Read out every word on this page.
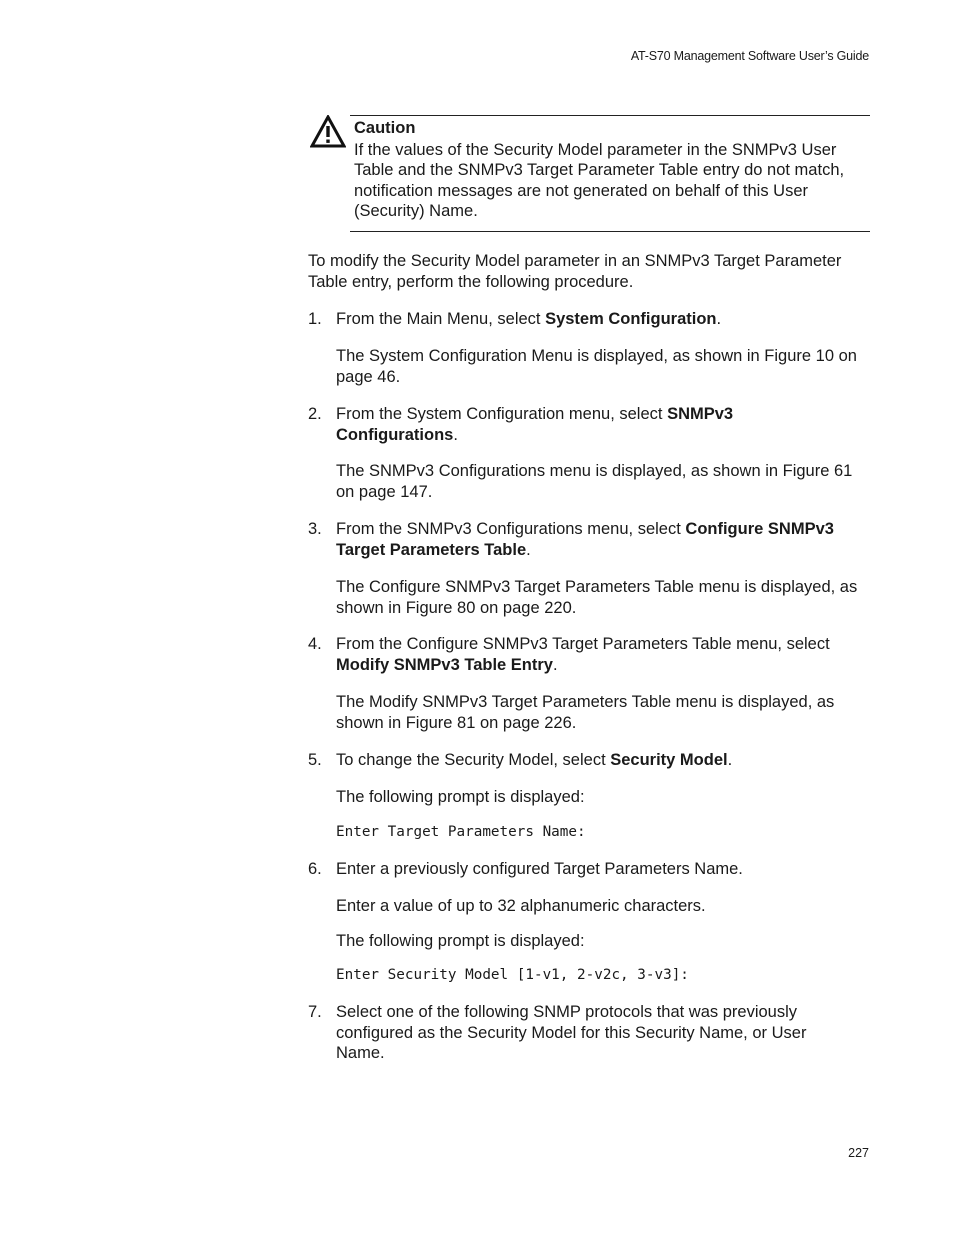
AT-S70 Management Software User’s Guide
Caution
If the values of the Security Model parameter in the SNMPv3 User Table and the SNMPv3 Target Parameter Table entry do not match, notification messages are not generated on behalf of this User (Security) Name.
To modify the Security Model parameter in an SNMPv3 Target Parameter Table entry, perform the following procedure.
1. From the Main Menu, select System Configuration.
The System Configuration Menu is displayed, as shown in Figure 10 on page 46.
2. From the System Configuration menu, select SNMPv3 Configurations.
The SNMPv3 Configurations menu is displayed, as shown in Figure 61 on page 147.
3. From the SNMPv3 Configurations menu, select Configure SNMPv3 Target Parameters Table.
The Configure SNMPv3 Target Parameters Table menu is displayed, as shown in Figure 80 on page 220.
4. From the Configure SNMPv3 Target Parameters Table menu, select Modify SNMPv3 Table Entry.
The Modify SNMPv3 Target Parameters Table menu is displayed, as shown in Figure 81 on page 226.
5. To change the Security Model, select Security Model.
The following prompt is displayed:
Enter Target Parameters Name:
6. Enter a previously configured Target Parameters Name.
Enter a value of up to 32 alphanumeric characters.
The following prompt is displayed:
Enter Security Model [1-v1, 2-v2c, 3-v3]:
7. Select one of the following SNMP protocols that was previously configured as the Security Model for this Security Name, or User Name.
227
